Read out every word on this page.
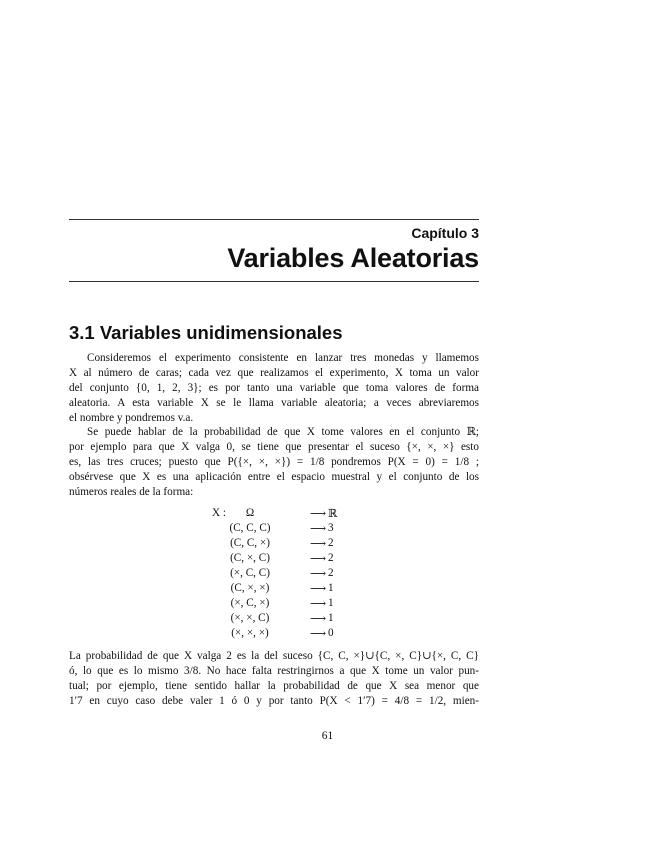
Capítulo 3
Variables Aleatorias
3.1 Variables unidimensionales
Consideremos el experimento consistente en lanzar tres monedas y llamemos
X al número de caras; cada vez que realizamos el experimento, X toma un valor
del conjunto {0, 1, 2, 3}; es por tanto una variable que toma valores de forma
aleatoria. A esta variable X se le llama variable aleatoria; a veces abreviaremos
el nombre y pondremos v.a.
Se puede hablar de la probabilidad de que X tome valores en el conjunto ℝ;
por ejemplo para que X valga 0, se tiene que presentar el suceso {×, ×, ×} esto
es, las tres cruces; puesto que P({×, ×, ×}) = 1/8 pondremos P(X = 0) = 1/8 ;
obsérvese que X es una aplicación entre el espacio muestral y el conjunto de los
números reales de la forma:
X :	Ω	⟶ ℝ
(C, C, C)	⟶ 3
(C, C, ×)	⟶ 2
(C, ×, C)	⟶ 2
(×, C, C)	⟶ 2
(C, ×, ×)	⟶ 1
(×, C, ×)	⟶ 1
(×, ×, C)	⟶ 1
(×, ×, ×)	⟶ 0
La probabilidad de que X valga 2 es la del suceso {C, C, ×}∪{C, ×, C}∪{×, C, C}
ó, lo que es lo mismo 3/8. No hace falta restringirnos a que X tome un valor pun-
tual; por ejemplo, tiene sentido hallar la probabilidad de que X sea menor que
1′7 en cuyo caso debe valer 1 ó 0 y por tanto P(X < 1′7) = 4/8 = 1/2, mien-
61
